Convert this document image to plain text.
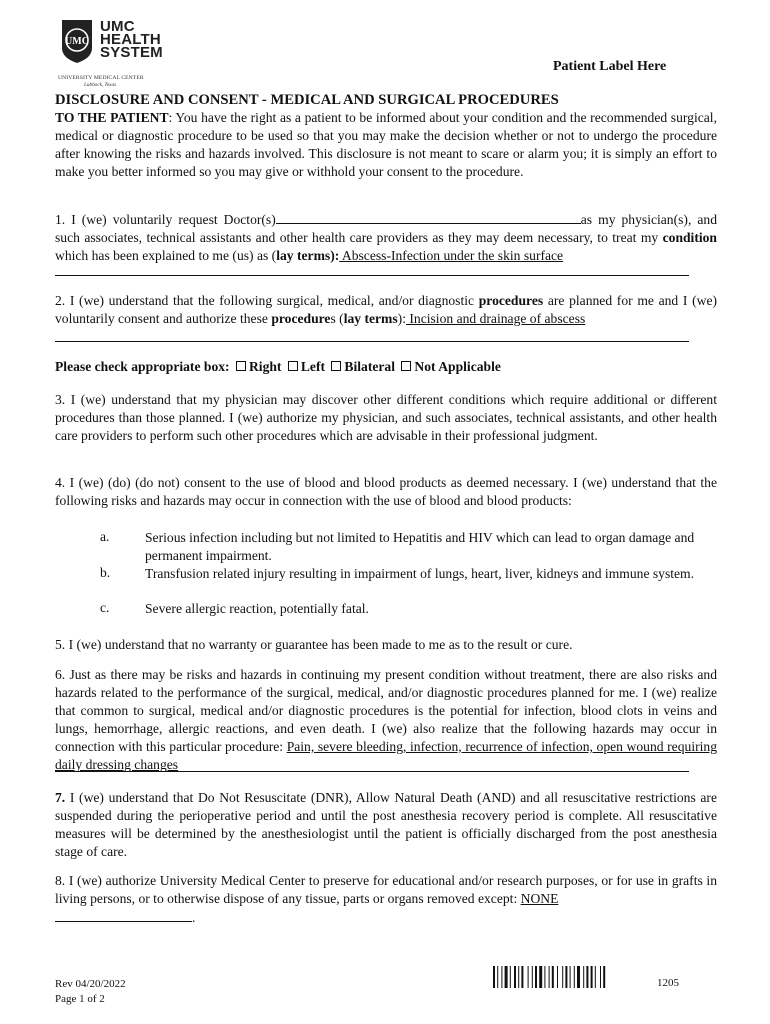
UMC
UMC
HEALTH
SYSTEM
UNIVERSITY MEDICAL CENTER
Lubbock, Texas
Patient Label Here
DISCLOSURE AND CONSENT - MEDICAL AND SURGICAL PROCEDURES

TO THE PATIENT: You have the right as a patient to be informed about your condition and the recommended surgical, medical or diagnostic procedure to be used so that you may make the decision whether or not to undergo the procedure after knowing the risks and hazards involved. This disclosure is not meant to scare or alarm you; it is simply an effort to make you better informed so you may give or withhold your consent to the procedure.

1. I (we) voluntarily request Doctor(s)	as my physician(s), and such associates, technical assistants and other health care providers as they may deem necessary, to treat my condition which has been explained to me (us) as (lay terms): Abscess-Infection under the skin surface

2. I (we) understand that the following surgical, medical, and/or diagnostic procedures are planned for me and I (we) voluntarily consent and authorize these procedures (lay terms): Incision and drainage of abscess

Please check appropriate box: Right Left Bilateral Not Applicable

3. I (we) understand that my physician may discover other different conditions which require additional or different procedures than those planned. I (we) authorize my physician, and such associates, technical assistants, and other health care providers to perform such other procedures which are advisable in their professional judgment.

4. I (we) (do) (do not) consent to the use of blood and blood products as deemed necessary. I (we) understand that the following risks and hazards may occur in connection with the use of blood and blood products:

a.	Serious infection including but not limited to Hepatitis and HIV which can lead to organ damage and permanent impairment.
b.	Transfusion related injury resulting in impairment of lungs, heart, liver, kidneys and immune system.
c.	Severe allergic reaction, potentially fatal.

5. I (we) understand that no warranty or guarantee has been made to me as to the result or cure.

6. Just as there may be risks and hazards in continuing my present condition without treatment, there are also risks and hazards related to the performance of the surgical, medical, and/or diagnostic procedures planned for me. I (we) realize that common to surgical, medical and/or diagnostic procedures is the potential for infection, blood clots in veins and lungs, hemorrhage, allergic reactions, and even death. I (we) also realize that the following hazards may occur in connection with this particular procedure: Pain, severe bleeding, infection, recurrence of infection, open wound requiring daily dressing changes

7. I (we) understand that Do Not Resuscitate (DNR), Allow Natural Death (AND) and all resuscitative restrictions are suspended during the perioperative period and until the post anesthesia recovery period is complete. All resuscitative measures will be determined by the anesthesiologist until the patient is officially discharged from the post anesthesia stage of care.

8. I (we) authorize University Medical Center to preserve for educational and/or research purposes, or for use in grafts in living persons, or to otherwise dispose of any tissue, parts or organs removed except: NONE

.
Rev 04/20/2022
Page 1 of 2
1205
